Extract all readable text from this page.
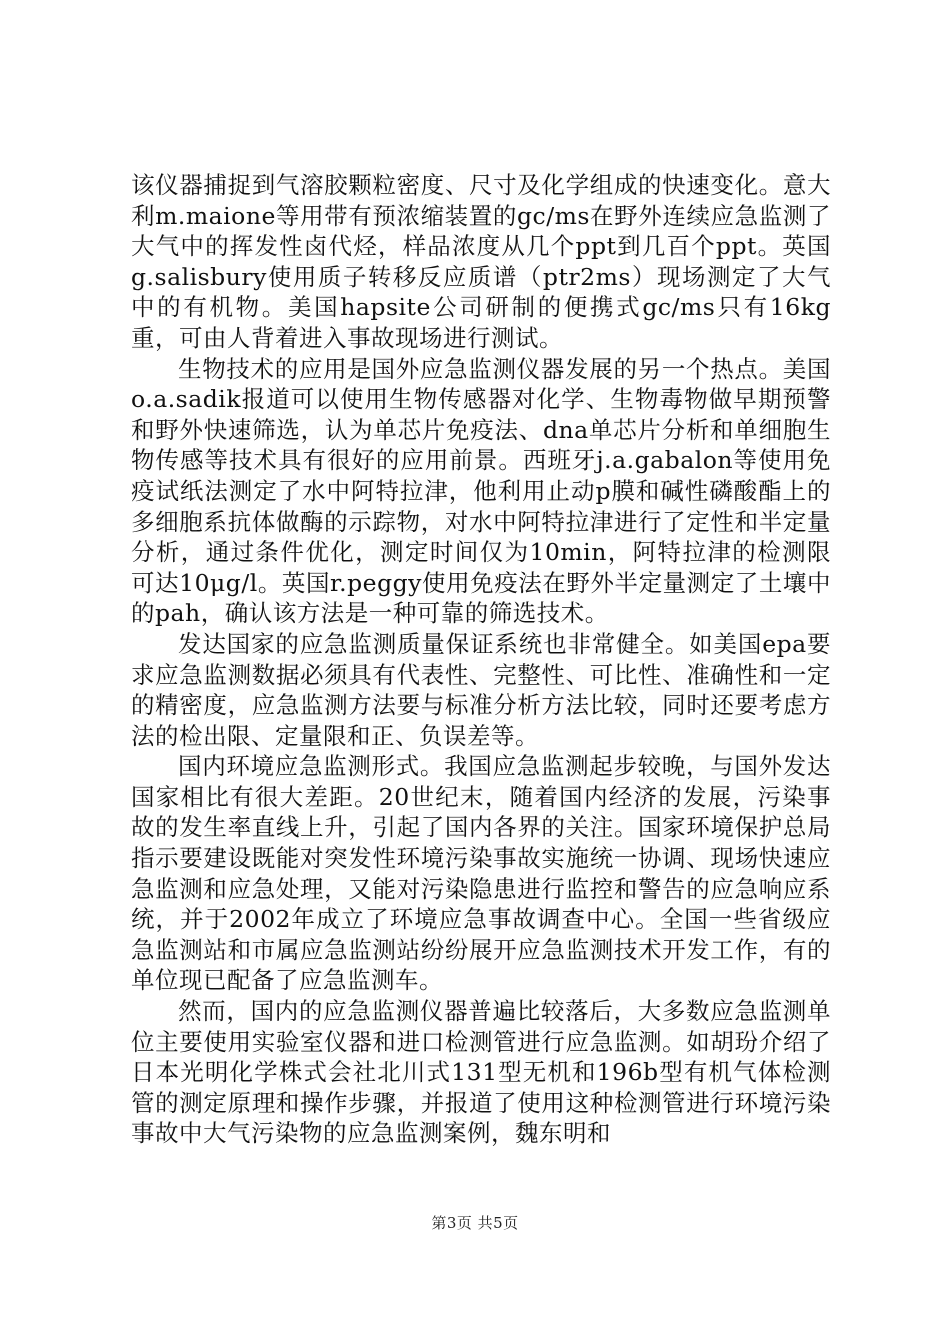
该仪器捕捉到气溶胶颗粒密度、尺寸及化学组成的快速变化。意大利m.maione等用带有预浓缩装置的gc/ms在野外连续应急监测了大气中的挥发性卤代烃，样品浓度从几个ppt到几百个ppt。英国g.salisbury使用质子转移反应质谱（ptr2ms）现场测定了大气中的有机物。美国hapsite公司研制的便携式gc/ms只有16kg重，可由人背着进入事故现场进行测试。

生物技术的应用是国外应急监测仪器发展的另一个热点。美国o.a.sadik报道可以使用生物传感器对化学、生物毒物做早期预警和野外快速筛选，认为单芯片免疫法、dna单芯片分析和单细胞生物传感等技术具有很好的应用前景。西班牙j.a.gabalon等使用免疫试纸法测定了水中阿特拉津，他利用止动p膜和碱性磷酸酯上的多细胞系抗体做酶的示踪物，对水中阿特拉津进行了定性和半定量分析，通过条件优化，测定时间仅为10min，阿特拉津的检测限可达10μg/l。英国r.peggy使用免疫法在野外半定量测定了土壤中的pah，确认该方法是一种可靠的筛选技术。

发达国家的应急监测质量保证系统也非常健全。如美国epa要求应急监测数据必须具有代表性、完整性、可比性、准确性和一定的精密度，应急监测方法要与标准分析方法比较，同时还要考虑方法的检出限、定量限和正、负误差等。

国内环境应急监测形式。我国应急监测起步较晚，与国外发达国家相比有很大差距。20世纪末，随着国内经济的发展，污染事故的发生率直线上升，引起了国内各界的关注。国家环境保护总局指示要建设既能对突发性环境污染事故实施统一协调、现场快速应急监测和应急处理，又能对污染隐患进行监控和警告的应急响应系统，并于2002年成立了环境应急事故调查中心。全国一些省级应急监测站和市属应急监测站纷纷展开应急监测技术开发工作，有的单位现已配备了应急监测车。

然而，国内的应急监测仪器普遍比较落后，大多数应急监测单位主要使用实验室仪器和进口检测管进行应急监测。如胡玢介绍了日本光明化学株式会社北川式131型无机和196b型有机气体检测管的测定原理和操作步骤，并报道了使用这种检测管进行环境污染事故中大气污染物的应急监测案例，魏东明和

第3页 共5页
